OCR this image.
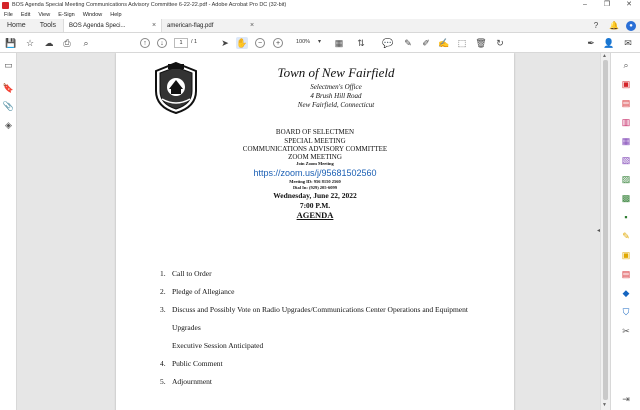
BOS Agenda Special Meeting Communications Advisory Committee 6-22-22.pdf - Adobe Acrobat Pro DC (32-bit)	–	❐	✕
File Edit View E-Sign Window Help
Home	Tools	BOS Agenda Speci...	× american-flag.pdf	×	?	🔔	●
💾 ☆ ☁ ⎙	⌕	↑	↓	1	/ 1	➤ ✋	−	+	100% ▾ ▦ ⇅ 💬 ✎ ✐ ✍ ⬚ 🗑 ↻	✒ 👤 ✉
▭
🔖
📎
◈
Town of New Fairfield
Selectmen's Office
4 Brush Hill Road
New Fairfield, Connecticut
BOARD OF SELECTMEN
SPECIAL MEETING
COMMUNICATIONS ADVISORY COMMITTEE
ZOOM MEETING
Join Zoom Meeting
https://zoom.us/j/95681502560
Meeting ID: 956 8150 2560
Dial In: (929) 205-6099
Wednesday, June 22, 2022
7:00 P.M.
AGENDA
1. Call to Order
2. Pledge of Allegiance
3. Discuss and Possibly Vote on Radio Upgrades/Communications Center Operations and Equipment
Upgrades
Executive Session Anticipated
4. Public Comment
5. Adjournment
◂
▲
▼
⌕
▣
▤
▥
▦
▧
▨
▩
▪
✎
▣
▤
◆
⛉
✂
⇥
